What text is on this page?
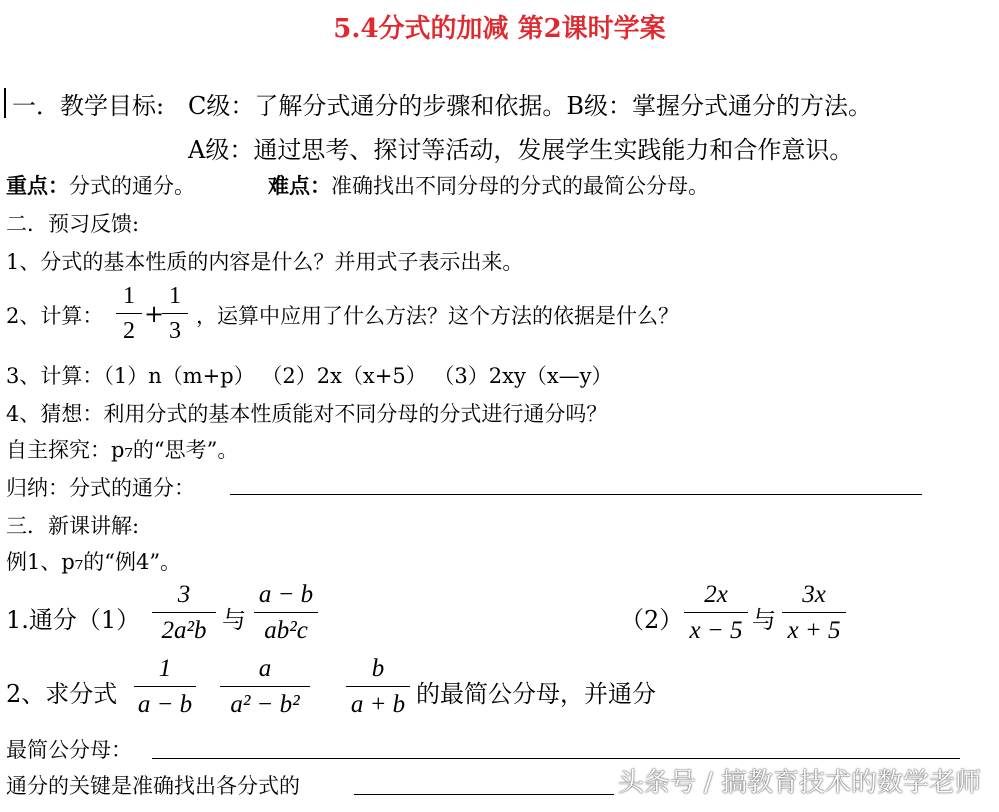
5.4分式的加减 第2课时学案
一．教学目标: C级：了解分式通分的步骤和依据。B级：掌握分式通分的方法。
A级：通过思考、探讨等活动，发展学生实践能力和合作意识。
重点：分式的通分。	难点：准确找出不同分母的分式的最简公分母。
二．预习反馈:
1、分式的基本性质的内容是什么？并用式子表示出来。
2、计算：
1
2
+
1
3
，运算中应用了什么方法？这个方法的依据是什么？
3、计算：（1）n（m+p） （2）2x（x+5） （3）2xy（x—y）
4、猜想：利用分式的基本性质能对不同分母的分式进行通分吗？
自主探究：p₇的“思考”。
归纳：分式的通分：
三．新课讲解:
例1、p₇的“例4”。
1.通分（1）
3
2a²b 与
a − b
ab²c	（2）
2x
x − 5 与
3x
x + 5
2、求分式
1
a − b
a
a² − b²
b
a + b 的最简公分母，并通分
最简公分母：
通分的关键是准确找出各分式的	头条号 / 搞教育技术的数学老师
